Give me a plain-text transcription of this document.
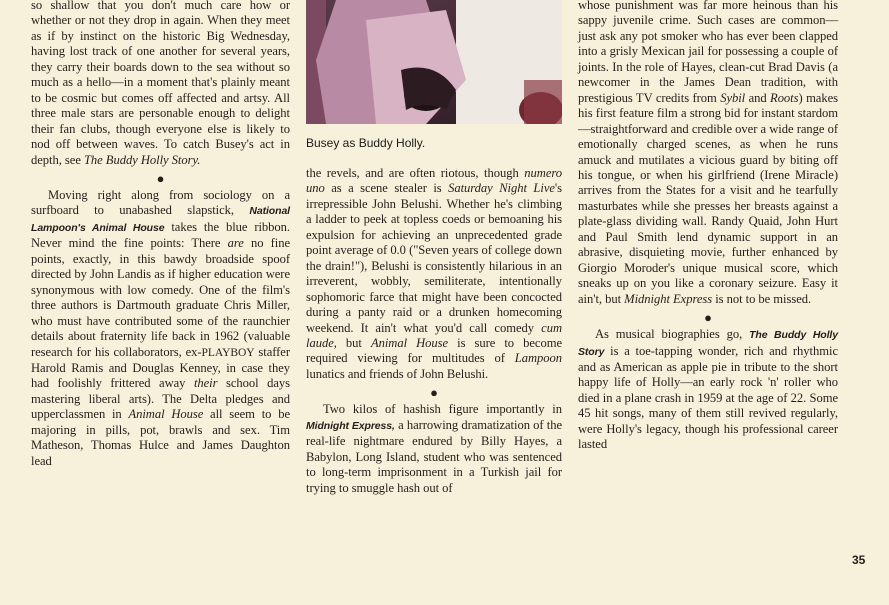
so shallow that you don't much care how or whether or not they drop in again. When they meet as if by instinct on the historic Big Wednesday, having lost track of one another for several years, they carry their boards down to the sea without so much as a hello—in a moment that's plainly meant to be cosmic but comes off affected and artsy. All three male stars are personable enough to delight their fan clubs, though everyone else is likely to nod off between waves. To catch Busey's act in depth, see The Buddy Holly Story.

●

Moving right along from sociology on a surfboard to unabashed slapstick, National Lampoon's Animal House takes the blue ribbon. Never mind the fine points: There are no fine points, exactly, in this bawdy broadside spoof directed by John Landis as if higher education were synonymous with low comedy. One of the film's three authors is Dartmouth graduate Chris Miller, who must have contributed some of the raunchier details about fraternity life back in 1962 (valuable research for his collaborators, ex-PLAYBOY staffer Harold Ramis and Douglas Kenney, in case they had foolishly frittered away their school days mastering liberal arts). The Delta pledges and upperclassmen in Animal House all seem to be majoring in pills, pot, brawls and sex. Tim Matheson, Thomas Hulce and James Daughton lead

Busey as Buddy Holly.

the revels, and are often riotous, though numero uno as a scene stealer is Saturday Night Live's irrepressible John Belushi. Whether he's climbing a ladder to peek at topless coeds or bemoaning his expulsion for achieving an unprecedented grade point average of 0.0 ("Seven years of college down the drain!"), Belushi is consistently hilarious in an irreverent, wobbly, semiliterate, intentionally sophomoric farce that might have been concocted during a panty raid or a drunken homecoming weekend. It ain't what you'd call comedy cum laude, but Animal House is sure to become required viewing for multitudes of Lampoon lunatics and friends of John Belushi.

●

Two kilos of hashish figure importantly in Midnight Express, a harrowing dramatization of the real-life nightmare endured by Billy Hayes, a Babylon, Long Island, student who was sentenced to long-term imprisonment in a Turkish jail for trying to smuggle hash out of

whose punishment was far more heinous than his sappy juvenile crime. Such cases are common—just ask any pot smoker who has ever been clapped into a grisly Mexican jail for possessing a couple of joints. In the role of Hayes, clean-cut Brad Davis (a newcomer in the James Dean tradition, with prestigious TV credits from Sybil and Roots) makes his first feature film a strong bid for instant stardom—straightforward and credible over a wide range of emotionally charged scenes, as when he runs amuck and mutilates a vicious guard by biting off his tongue, or when his girlfriend (Irene Miracle) arrives from the States for a visit and he tearfully masturbates while she presses her breasts against a plate-glass dividing wall. Randy Quaid, John Hurt and Paul Smith lend dynamic support in an abrasive, disquieting movie, further enhanced by Giorgio Moroder's unique musical score, which sneaks up on you like a coronary seizure. Easy it ain't, but Midnight Express is not to be missed.

●

As musical biographies go, The Buddy Holly Story is a toe-tapping wonder, rich and rhythmic and as American as apple pie in tribute to the short happy life of Holly—an early rock 'n' roller who died in a plane crash in 1959 at the age of 22. Some 45 hit songs, many of them still revived regularly, were Holly's legacy, though his professional career lasted

35
